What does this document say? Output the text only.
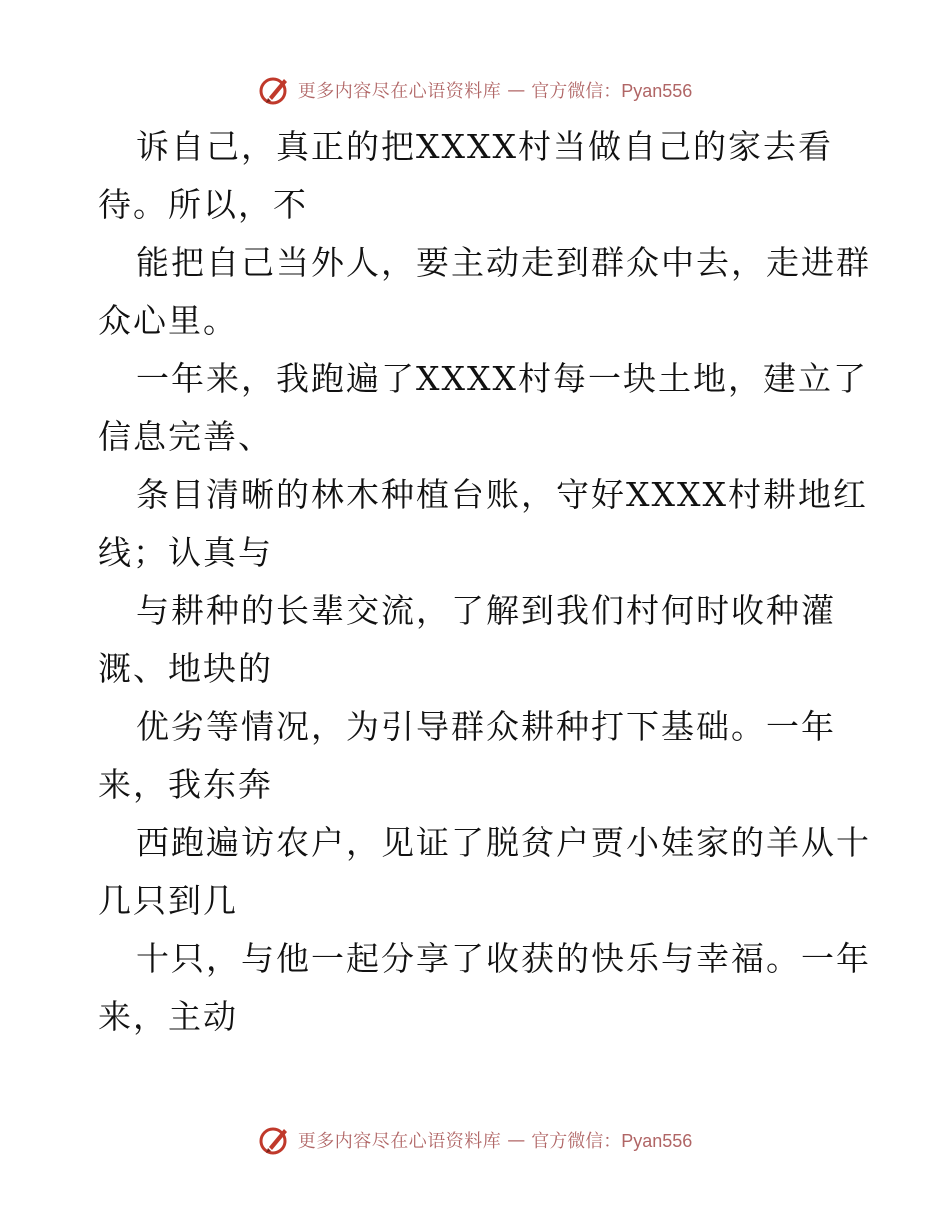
更多内容尽在心语资料库 — 官方微信：Pyan556
诉自己，真正的把XXXX村当做自己的家去看
待。所以，不
能把自己当外人，要主动走到群众中去，走进群
众心里。
一年来，我跑遍了XXXX村每一块土地，建立了
信息完善、
条目清晰的林木种植台账，守好XXXX村耕地红
线；认真与
与耕种的长辈交流，了解到我们村何时收种灌
溉、地块的
优劣等情况，为引导群众耕种打下基础。一年
来，我东奔
西跑遍访农户，见证了脱贫户贾小娃家的羊从十
几只到几
十只，与他一起分享了收获的快乐与幸福。一年
来，主动
更多内容尽在心语资料库 — 官方微信：Pyan556
